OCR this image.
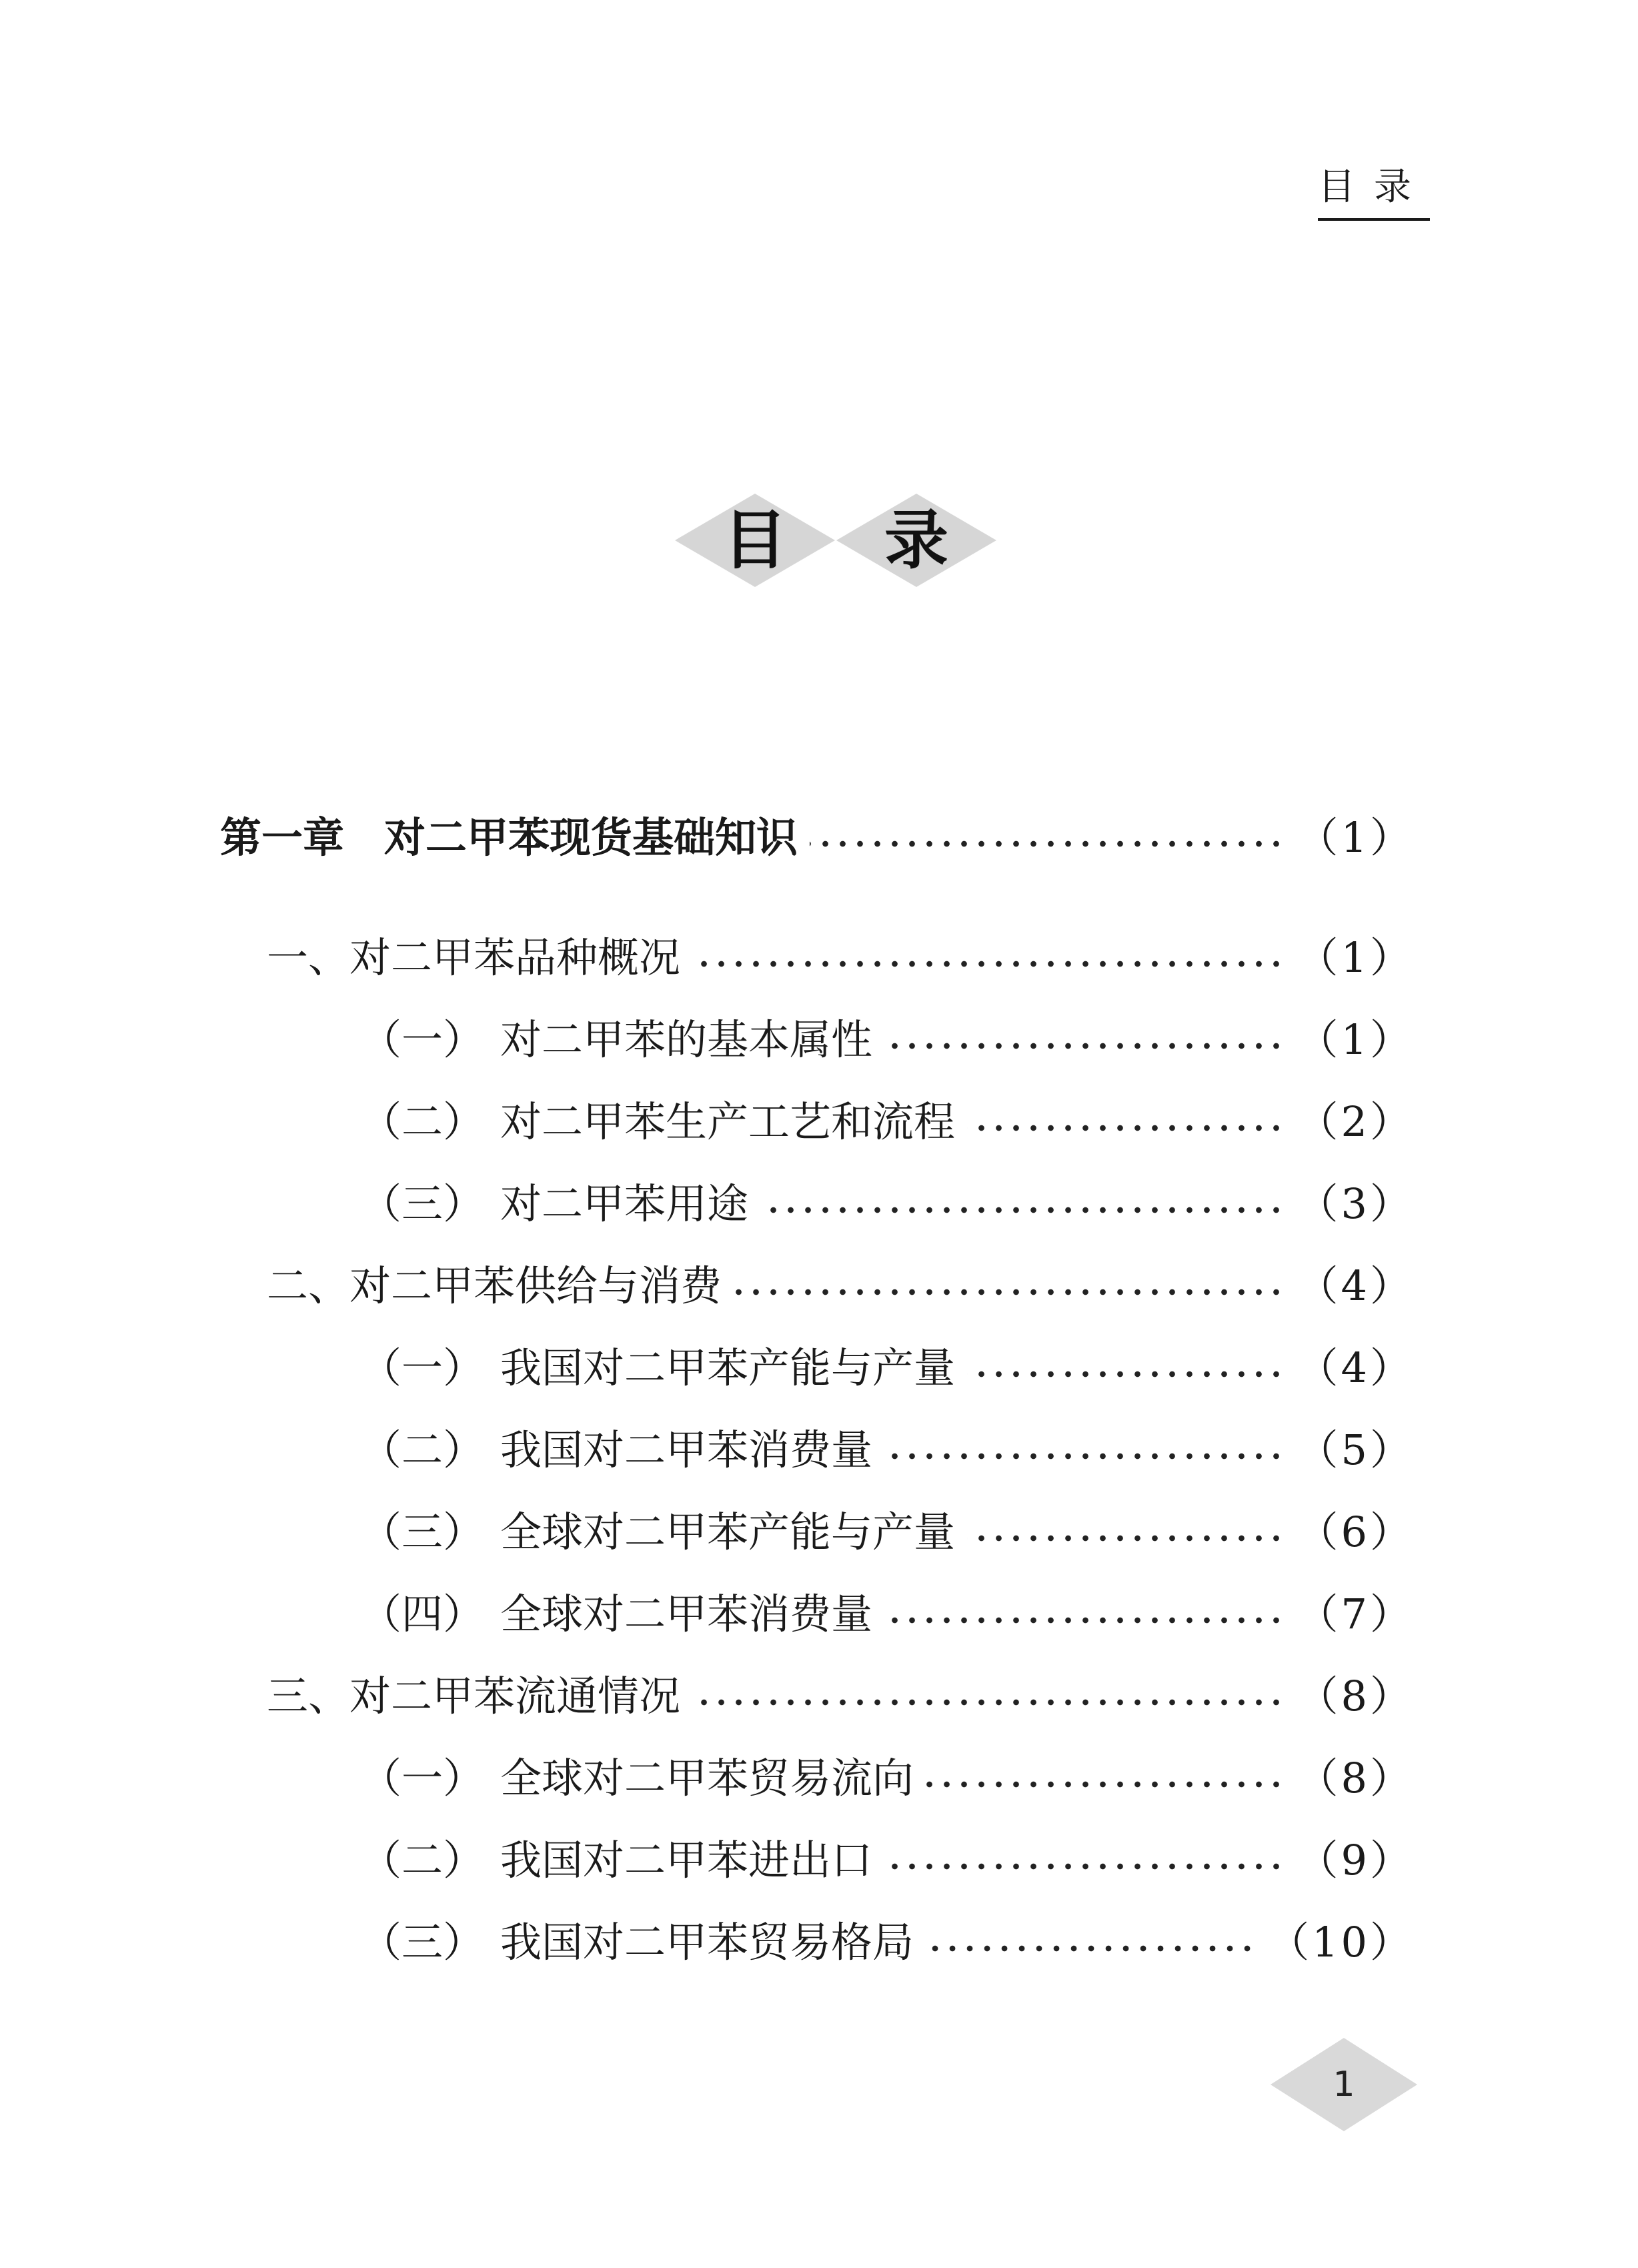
目录
目	录
第一章 对二甲苯现货基础知识	（1）
一、对二甲苯品种概况	（1）
（一） 对二甲苯的基本属性	（1）
（二） 对二甲苯生产工艺和流程	（2）
（三） 对二甲苯用途	（3）
二、对二甲苯供给与消费	（4）
（一） 我国对二甲苯产能与产量	（4）
（二） 我国对二甲苯消费量	（5）
（三） 全球对二甲苯产能与产量	（6）
（四） 全球对二甲苯消费量	（7）
三、对二甲苯流通情况	（8）
（一） 全球对二甲苯贸易流向	（8）
（二） 我国对二甲苯进出口	（9）
（三） 我国对二甲苯贸易格局	（10）
1
